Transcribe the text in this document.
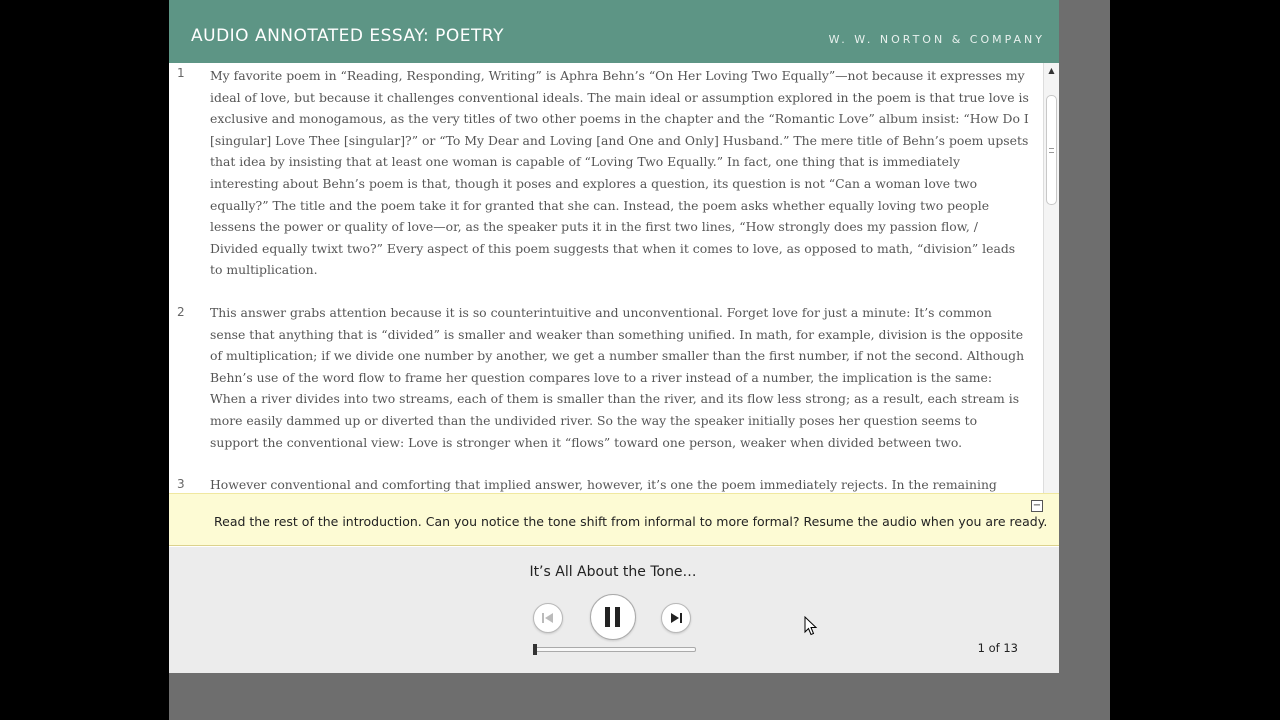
AUDIO ANNOTATED ESSAY: POETRY	W. W. NORTON & COMPANY
1 My favorite poem in “Reading, Responding, Writing” is Aphra Behn’s “On Her Loving Two Equally”—not because it expresses my ideal of love, but because it challenges conventional ideals. The main ideal or assumption explored in the poem is that true love is exclusive and monogamous, as the very titles of two other poems in the chapter and the “Romantic Love” album insist: “How Do I [singular] Love Thee [singular]?” or “To My Dear and Loving [and One and Only] Husband.” The mere title of Behn’s poem upsets that idea by insisting that at least one woman is capable of “Loving Two Equally.” In fact, one thing that is immediately interesting about Behn’s poem is that, though it poses and explores a question, its question is not “Can a woman love two equally?” The title and the poem take it for granted that she can. Instead, the poem asks whether equally loving two people lessens the power or quality of love—or, as the speaker puts it in the first two lines, “How strongly does my passion flow, / Divided equally twixt two?” Every aspect of this poem suggests that when it comes to love, as opposed to math, “division” leads to multiplication.
2 This answer grabs attention because it is so counterintuitive and unconventional. Forget love for just a minute: It’s common sense that anything that is “divided” is smaller and weaker than something unified. In math, for example, division is the opposite of multiplication; if we divide one number by another, we get a number smaller than the first number, if not the second. Although Behn’s use of the word flow to frame her question compares love to a river instead of a number, the implication is the same: When a river divides into two streams, each of them is smaller than the river, and its flow less strong; as a result, each stream is more easily dammed up or diverted than the undivided river. So the way the speaker initially poses her question seems to support the conventional view: Love is stronger when it “flows” toward one person, weaker when divided between two.
3 However conventional and comforting that implied answer, however, it’s one the poem immediately rejects. In the remaining
▲
Read the rest of the introduction. Can you notice the tone shift from informal to more formal? Resume the audio when you are ready.
−
It’s All About the Tone…
1 of 13
